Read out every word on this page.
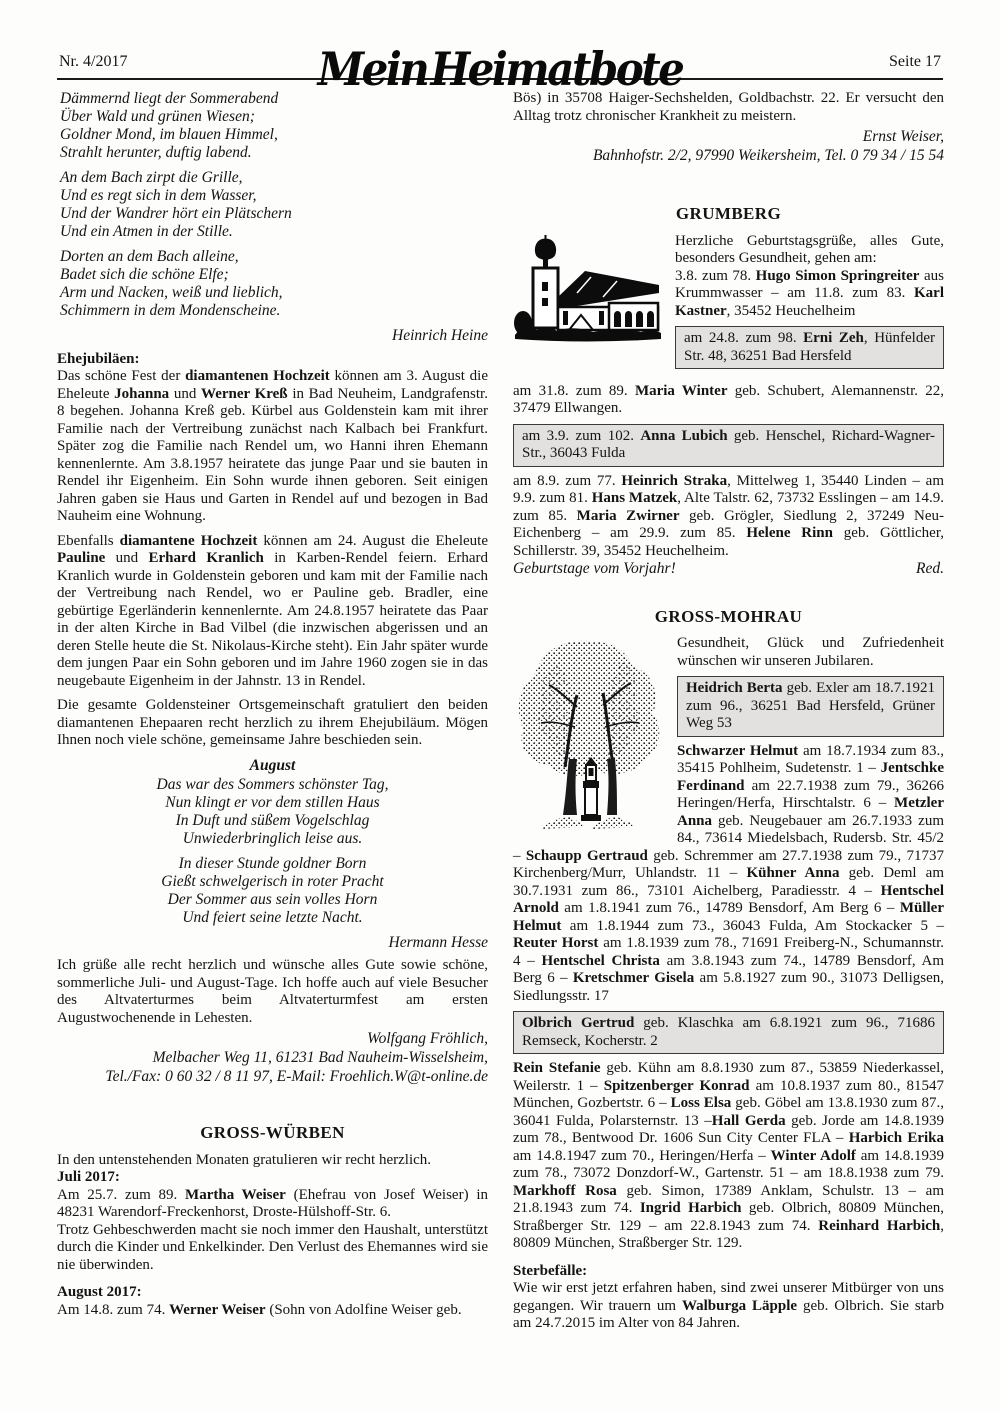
Nr. 4/2017	Mein Heimatbote	Seite 17
Dämmernd liegt der Sommerabend
Über Wald und grünen Wiesen;
Goldner Mond, im blauen Himmel,
Strahlt herunter, duftig labend.
An dem Bach zirpt die Grille,
Und es regt sich in dem Wasser,
Und der Wandrer hört ein Plätschern
Und ein Atmen in der Stille.
Dorten an dem Bach alleine,
Badet sich die schöne Elfe;
Arm und Nacken, weiß und lieblich,
Schimmern in dem Mondenscheine.
Heinrich Heine
Ehejubiläen:

Das schöne Fest der diamantenen Hochzeit können am 3. August die Eheleute Johanna und Werner Kreß in Bad Neuheim, Landgrafenstr. 8 begehen. Johanna Kreß geb. Kürbel aus Goldenstein kam mit ihrer Familie nach der Vertreibung zunächst nach Kalbach bei Frankfurt. Später zog die Familie nach Rendel um, wo Hanni ihren Ehemann kennenlernte. Am 3.8.1957 heiratete das junge Paar und sie bauten in Rendel ihr Eigenheim. Ein Sohn wurde ihnen geboren. Seit einigen Jahren gaben sie Haus und Garten in Rendel auf und bezogen in Bad Nauheim eine Wohnung.

Ebenfalls diamantene Hochzeit können am 24. August die Eheleute Pauline und Erhard Kranlich in Karben-Rendel feiern. Erhard Kranlich wurde in Goldenstein geboren und kam mit der Familie nach der Vertreibung nach Rendel, wo er Pauline geb. Bradler, eine gebürtige Egerländerin kennenlernte. Am 24.8.1957 heiratete das Paar in der alten Kirche in Bad Vilbel (die inzwischen abgerissen und an deren Stelle heute die St. Nikolaus-Kirche steht). Ein Jahr später wurde dem jungen Paar ein Sohn geboren und im Jahre 1960 zogen sie in das neugebaute Eigenheim in der Jahnstr. 13 in Rendel.

Die gesamte Goldensteiner Ortsgemeinschaft gratuliert den beiden diamantenen Ehepaaren recht herzlich zu ihrem Ehejubiläum. Mögen Ihnen noch viele schöne, gemeinsame Jahre beschieden sein.

August
Das war des Sommers schönster Tag,
Nun klingt er vor dem stillen Haus
In Duft und süßem Vogelschlag
Unwiederbringlich leise aus.
In dieser Stunde goldner Born
Gießt schwelgerisch in roter Pracht
Der Sommer aus sein volles Horn
Und feiert seine letzte Nacht.
Hermann Hesse

Ich grüße alle recht herzlich und wünsche alles Gute sowie schöne, sommerliche Juli- und August-Tage. Ich hoffe auch auf viele Besucher des Altvaterturmes beim Altvaterturmfest am ersten Augustwochenende in Lehesten.

Wolfgang Fröhlich,
Melbacher Weg 11, 61231 Bad Nauheim-Wisselsheim,
Tel./Fax: 0 60 32 / 8 11 97, E-Mail: Froehlich.W@t-online.de
GROSS-WÜRBEN

In den untenstehenden Monaten gratulieren wir recht herzlich.

Juli 2017:

Am 25.7. zum 89. Martha Weiser (Ehefrau von Josef Weiser) in 48231 Warendorf-Freckenhorst, Droste-Hülshoff-Str. 6.

Trotz Gehbeschwerden macht sie noch immer den Haushalt, unterstützt durch die Kinder und Enkelkinder. Den Verlust des Ehemannes wird sie nie überwinden.

August 2017:

Am 14.8. zum 74. Werner Weiser (Sohn von Adolfine Weiser geb.

Bös) in 35708 Haiger-Sechshelden, Goldbachstr. 22. Er versucht den Alltag trotz chronischer Krankheit zu meistern.

Ernst Weiser,
Bahnhofstr. 2/2, 97990 Weikersheim, Tel. 0 79 34 / 15 54
GRUMBERG

Herzliche Geburtstagsgrüße, alles Gute, besonders Gesundheit, gehen am:

3.8. zum 78. Hugo Simon Springreiter aus Krummwasser – am 11.8. zum 83. Karl Kastner, 35452 Heuchelheim

am 24.8. zum 98. Erni Zeh, Hünfelder Str. 48, 36251 Bad Hersfeld

am 31.8. zum 89. Maria Winter geb. Schubert, Alemannenstr. 22, 37479 Ellwangen.

am 3.9. zum 102. Anna Lubich geb. Henschel, Richard-Wagner-Str., 36043 Fulda

am 8.9. zum 77. Heinrich Straka, Mittelweg 1, 35440 Linden – am 9.9. zum 81. Hans Matzek, Alte Talstr. 62, 73732 Esslingen – am 14.9. zum 85. Maria Zwirner geb. Grögler, Siedlung 2, 37249 Neu-Eichenberg – am 29.9. zum 85. Helene Rinn geb. Göttlicher, Schillerstr. 39, 35452 Heuchelheim.

Geburtstage vom Vorjahr!	Red.
GROSS-MOHRAU

Gesundheit, Glück und Zufriedenheit wünschen wir unseren Jubilaren.

Heidrich Berta geb. Exler am 18.7.1921 zum 96., 36251 Bad Hersfeld, Grüner Weg 53

Schwarzer Helmut am 18.7.1934 zum 83., 35415 Pohlheim, Sudetenstr. 1 – Jentschke Ferdinand am 22.7.1938 zum 79., 36266 Heringen/Herfa, Hirschtalstr. 6 – Metzler Anna geb. Neugebauer am 26.7.1933 zum 84., 73614 Miedelsbach, Rudersb. Str. 45/2 – Schaupp Gertraud geb. Schremmer am 27.7.1938 zum 79., 71737 Kirchenberg/Murr, Uhlandstr. 11 – Kühner Anna geb. Deml am 30.7.1931 zum 86., 73101 Aichelberg, Paradiesstr. 4 – Hentschel Arnold am 1.8.1941 zum 76., 14789 Bensdorf, Am Berg 6 – Müller Helmut am 1.8.1944 zum 73., 36043 Fulda, Am Stockacker 5 – Reuter Horst am 1.8.1939 zum 78., 71691 Freiberg-N., Schumannstr. 4 – Hentschel Christa am 3.8.1943 zum 74., 14789 Bensdorf, Am Berg 6 – Kretschmer Gisela am 5.8.1927 zum 90., 31073 Delligsen, Siedlungsstr. 17

Olbrich Gertrud geb. Klaschka am 6.8.1921 zum 96., 71686 Remseck, Kocherstr. 2

Rein Stefanie geb. Kühn am 8.8.1930 zum 87., 53859 Niederkassel, Weilerstr. 1 – Spitzenberger Konrad am 10.8.1937 zum 80., 81547 München, Gozbertstr. 6 – Loss Elsa geb. Göbel am 13.8.1930 zum 87., 36041 Fulda, Polarsternstr. 13 –Hall Gerda geb. Jorde am 14.8.1939 zum 78., Bentwood Dr. 1606 Sun City Center FLA – Harbich Erika am 14.8.1947 zum 70., Heringen/Herfa – Winter Adolf am 14.8.1939 zum 78., 73072 Donzdorf-W., Gartenstr. 51 – am 18.8.1938 zum 79. Markhoff Rosa geb. Simon, 17389 Anklam, Schulstr. 13 – am 21.8.1943 zum 74. Ingrid Harbich geb. Olbrich, 80809 München, Straßberger Str. 129 – am 22.8.1943 zum 74. Reinhard Harbich, 80809 München, Straßberger Str. 129.

Sterbefälle:

Wie wir erst jetzt erfahren haben, sind zwei unserer Mitbürger von uns gegangen. Wir trauern um Walburga Läpple geb. Olbrich. Sie starb am 24.7.2015 im Alter von 84 Jahren.
